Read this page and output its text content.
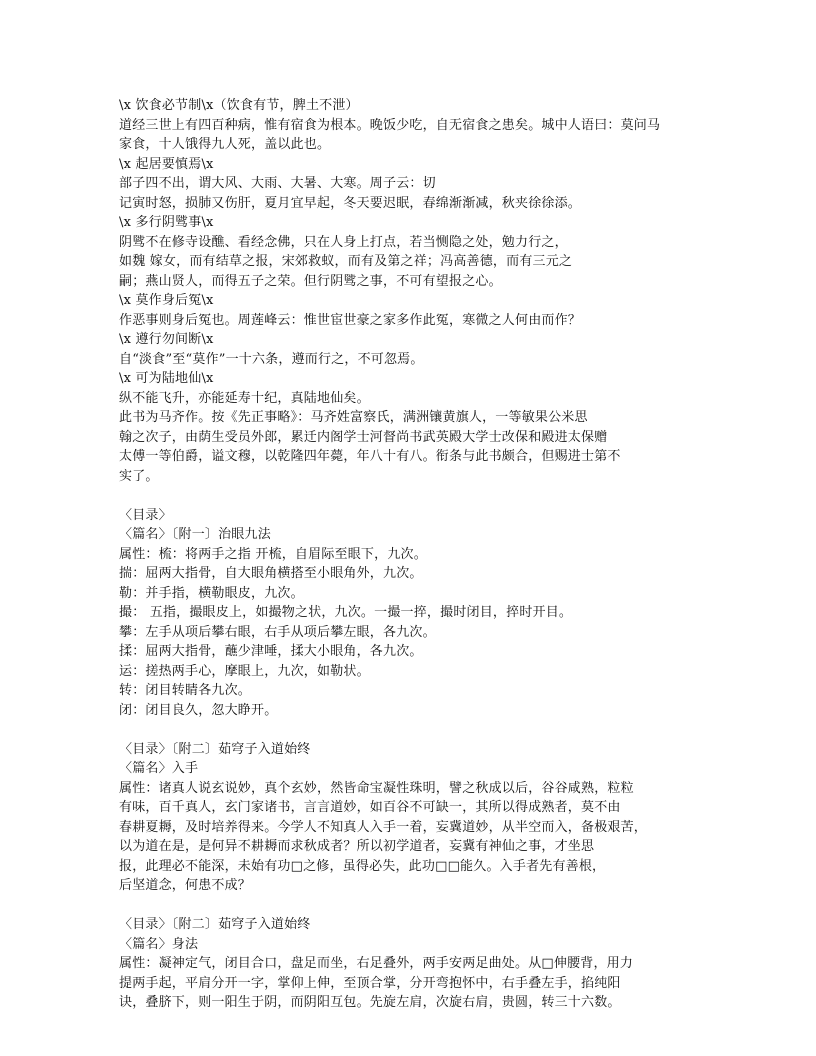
\x 饮食必节制\x（饮食有节，脾土不泄）
道经三世上有四百种病，惟有宿食为根本。晚饭少吃，自无宿食之患矣。城中人语曰：莫问马
家食，十人饿得九人死，盖以此也。
\x 起居要慎焉\x
部子四不出，谓大风、大雨、大暑、大寒。周子云：切
记寅时怒，损肺又伤肝，夏月宜早起，冬天要迟眠，春绵渐渐减，秋夹徐徐添。
\x 多行阴骘事\x
阴骘不在修寺设醮、看经念佛，只在人身上打点，若当恻隐之处，勉力行之，
如魏 嫁女，而有结草之报，宋郊救蚁，而有及第之祥；冯高善德，而有三元之
嗣；燕山贤人，而得五子之荣。但行阴骘之事，不可有望报之心。
\x 莫作身后冤\x
作恶事则身后冤也。周莲峰云：惟世宦世豪之家多作此冤，寒微之人何由而作？
\x 遵行勿间断\x
自“淡食”至“莫作”一十六条，遵而行之，不可忽焉。
\x 可为陆地仙\x
纵不能飞升，亦能延寿十纪，真陆地仙矣。
此书为马齐作。按《先正事略》：马齐姓富察氏，满洲镶黄旗人，一等敏果公米思
翰之次子，由荫生受员外郎，累迁内阁学士河督尚书武英殿大学士改保和殿进太保赠
太傅一等伯爵，谥文穆，以乾隆四年薨，年八十有八。衔条与此书颇合，但赐进士第不
实了。
〈目录〉
〈篇名〉〔附一〕治眼九法
属性：梳：将两手之指 开梳，自眉际至眼下，九次。
揣：屈两大指骨，自大眼角横搭至小眼角外，九次。
勒：并手指，横勒眼皮，九次。
撮： 五指，撮眼皮上，如撮物之状，九次。一撮一捽，撮时闭目，捽时开目。
攀：左手从项后攀右眼，右手从项后攀左眼，各九次。
揉：屈两大指骨，蘸少津唾，揉大小眼角，各九次。
运：搓热两手心，摩眼上，九次，如勒状。
转：闭目转睛各九次。
闭：闭目良久，忽大睁开。
〈目录〉〔附二〕茹穹子入道始终
〈篇名〉入手
属性：诸真人说玄说妙，真个玄妙，然皆命宝凝性珠明，譬之秋成以后，谷谷咸熟，粒粒
有味，百千真人，玄门家诸书，言言道妙，如百谷不可缺一，其所以得成熟者，莫不由
春耕夏耨，及时培养得来。今学人不知真人入手一着，妄冀道妙，从半空而入，备极艰苦，
以为道在是，是何异不耕耨而求秋成者？所以初学道者，妄冀有神仙之事，才坐思
报，此理必不能深，未始有功□之修，虽得必失，此功□□能久。入手者先有善根，
后坚道念，何患不成？
〈目录〉〔附二〕茹穹子入道始终
〈篇名〉身法
属性：凝神定气，闭目合口，盘足而坐，右足叠外，两手安两足曲处。从□伸腰背，用力
提两手起，平肩分开一字，掌仰上伸，至顶合掌，分开弯抱怀中，右手叠左手，掐纯阳
诀，叠脐下，则一阳生于阴，而阴阳互包。先旋左肩，次旋右肩，贵圆，转三十六数。
